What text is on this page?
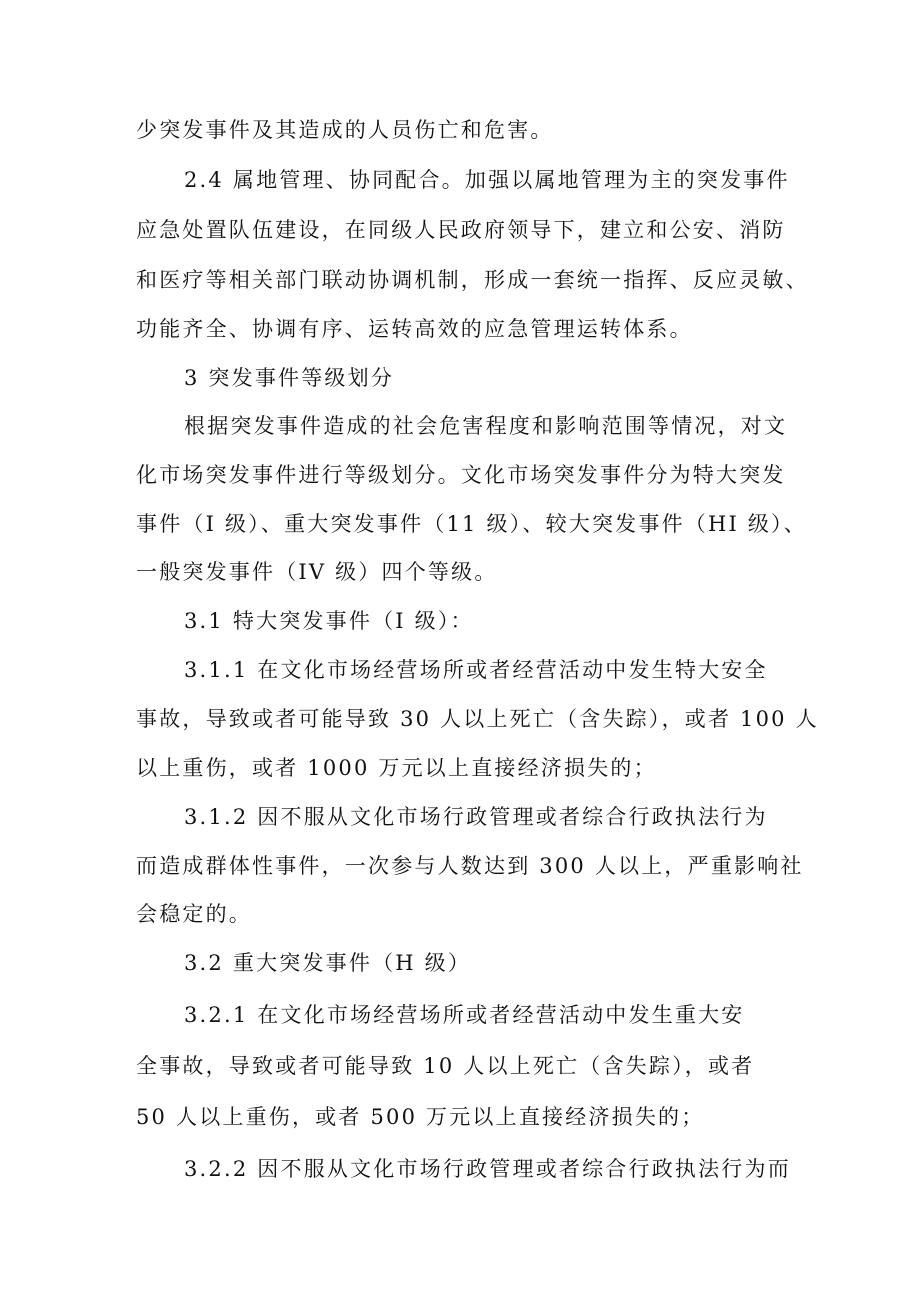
少突发事件及其造成的人员伤亡和危害。
2.4 属地管理、协同配合。加强以属地管理为主的突发事件
应急处置队伍建设，在同级人民政府领导下，建立和公安、消防
和医疗等相关部门联动协调机制，形成一套统一指挥、反应灵敏、
功能齐全、协调有序、运转高效的应急管理运转体系。
3 突发事件等级划分
根据突发事件造成的社会危害程度和影响范围等情况，对文
化市场突发事件进行等级划分。文化市场突发事件分为特大突发
事件（I 级）、重大突发事件（11 级）、较大突发事件（HI 级）、
一般突发事件（IV 级）四个等级。
3.1 特大突发事件（I 级）：
3.1.1 在文化市场经营场所或者经营活动中发生特大安全
事故，导致或者可能导致 30 人以上死亡（含失踪），或者 100 人
以上重伤，或者 1000 万元以上直接经济损失的；
3.1.2 因不服从文化市场行政管理或者综合行政执法行为
而造成群体性事件，一次参与人数达到 300 人以上，严重影响社
会稳定的。
3.2 重大突发事件（H 级）
3.2.1 在文化市场经营场所或者经营活动中发生重大安
全事故，导致或者可能导致 10 人以上死亡（含失踪），或者
50 人以上重伤，或者 500 万元以上直接经济损失的；
3.2.2 因不服从文化市场行政管理或者综合行政执法行为而
